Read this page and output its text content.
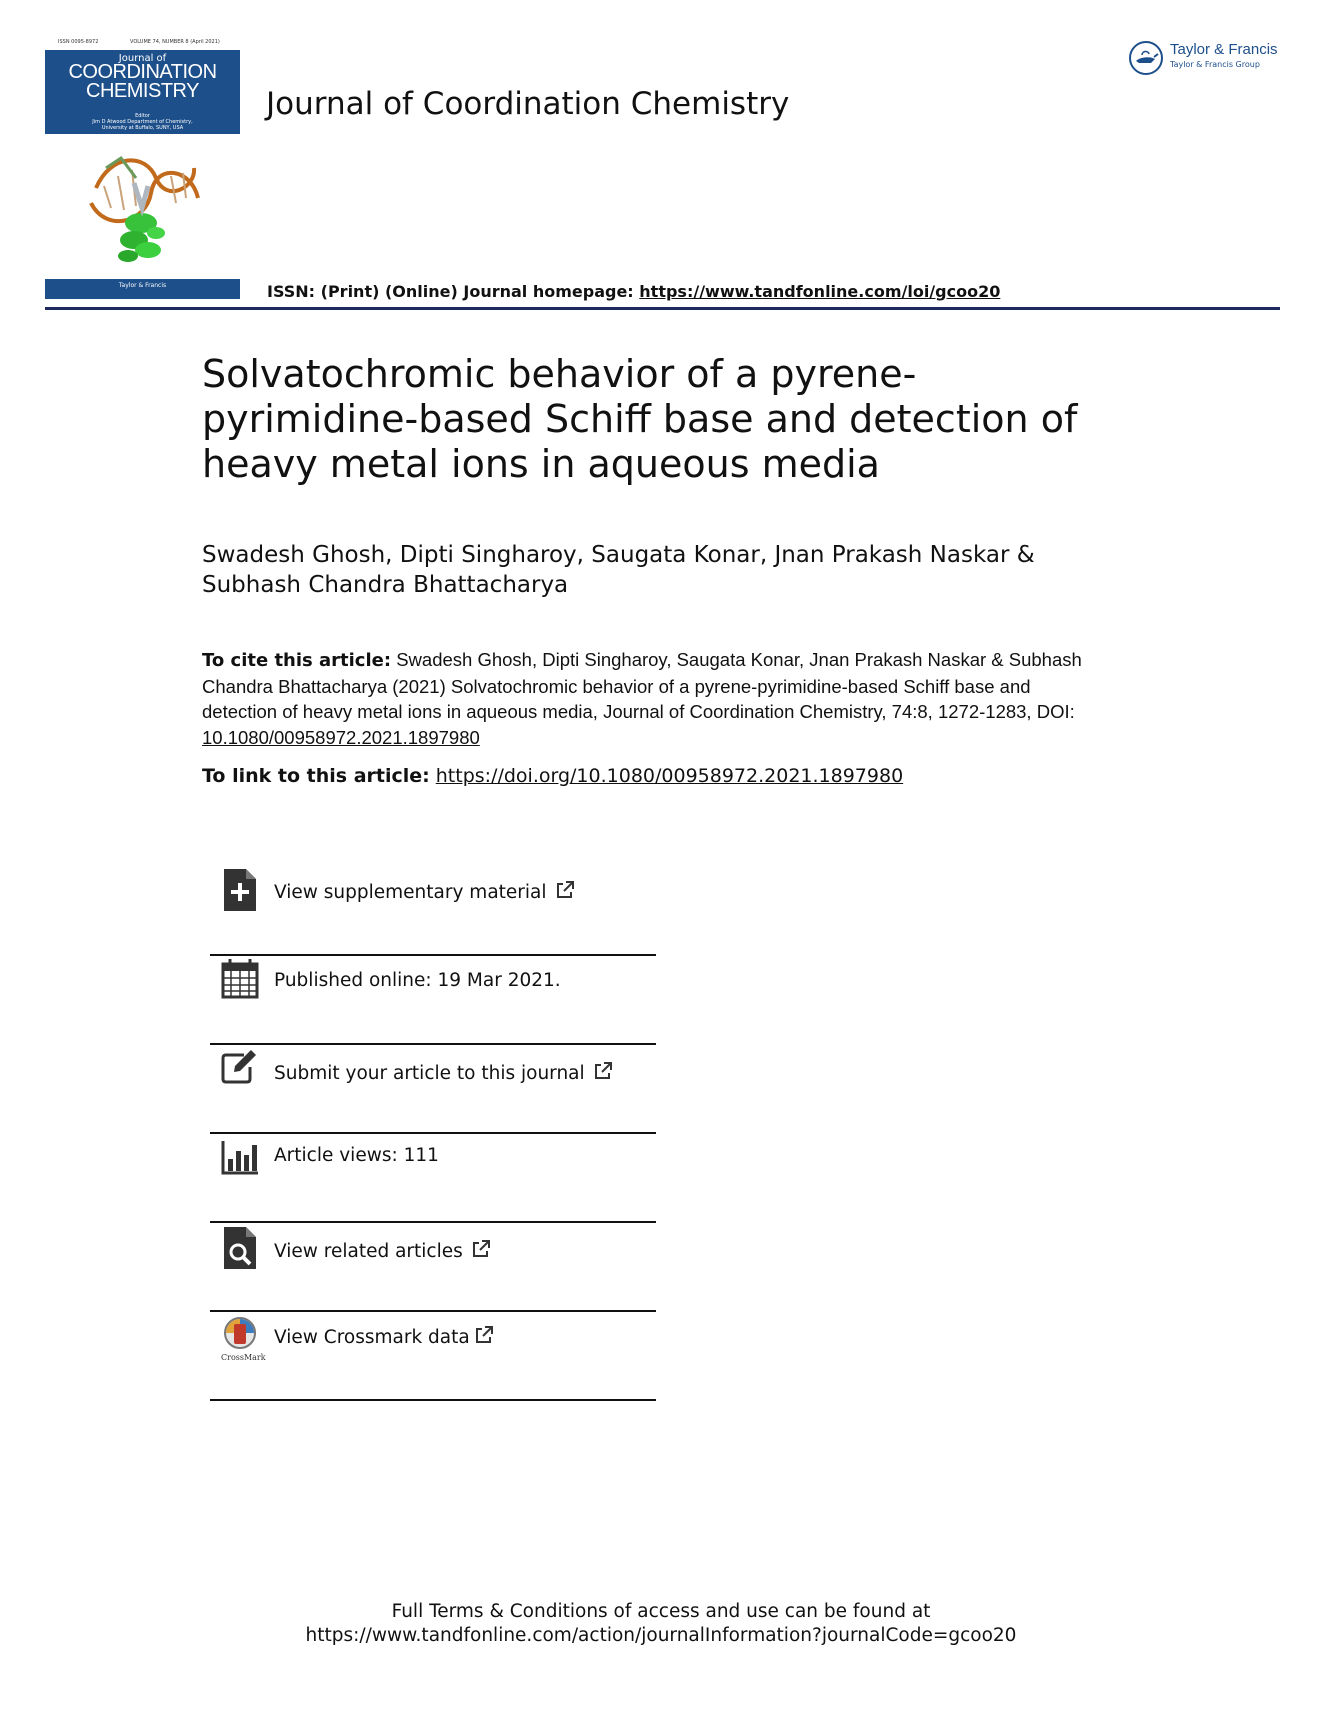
ISSN 0095-8972	VOLUME 74, NUMBER 8 (April 2021)
Journal of
COORDINATION
CHEMISTRY
Editor
Jim D Atwood Department of Chemistry,
University at Buffalo, SUNY, USA
Taylor & Francis
Journal of Coordination Chemistry
Taylor & Francis
Taylor & Francis Group
ISSN: (Print) (Online) Journal homepage: https://www.tandfonline.com/loi/gcoo20
Solvatochromic behavior of a pyrene-pyrimidine-based Schiff base and detection of heavy metal ions in aqueous media
Swadesh Ghosh, Dipti Singharoy, Saugata Konar, Jnan Prakash Naskar &
Subhash Chandra Bhattacharya
To cite this article: Swadesh Ghosh, Dipti Singharoy, Saugata Konar, Jnan Prakash Naskar & Subhash Chandra Bhattacharya (2021) Solvatochromic behavior of a pyrene-pyrimidine-based Schiff base and detection of heavy metal ions in aqueous media, Journal of Coordination Chemistry, 74:8, 1272-1283, DOI: 10.1080/00958972.2021.1897980
To link to this article: https://doi.org/10.1080/00958972.2021.1897980
View supplementary material
Published online: 19 Mar 2021.
Submit your article to this journal
Article views: 111
View related articles
CrossMark
View Crossmark data
Full Terms & Conditions of access and use can be found at
https://www.tandfonline.com/action/journalInformation?journalCode=gcoo20
